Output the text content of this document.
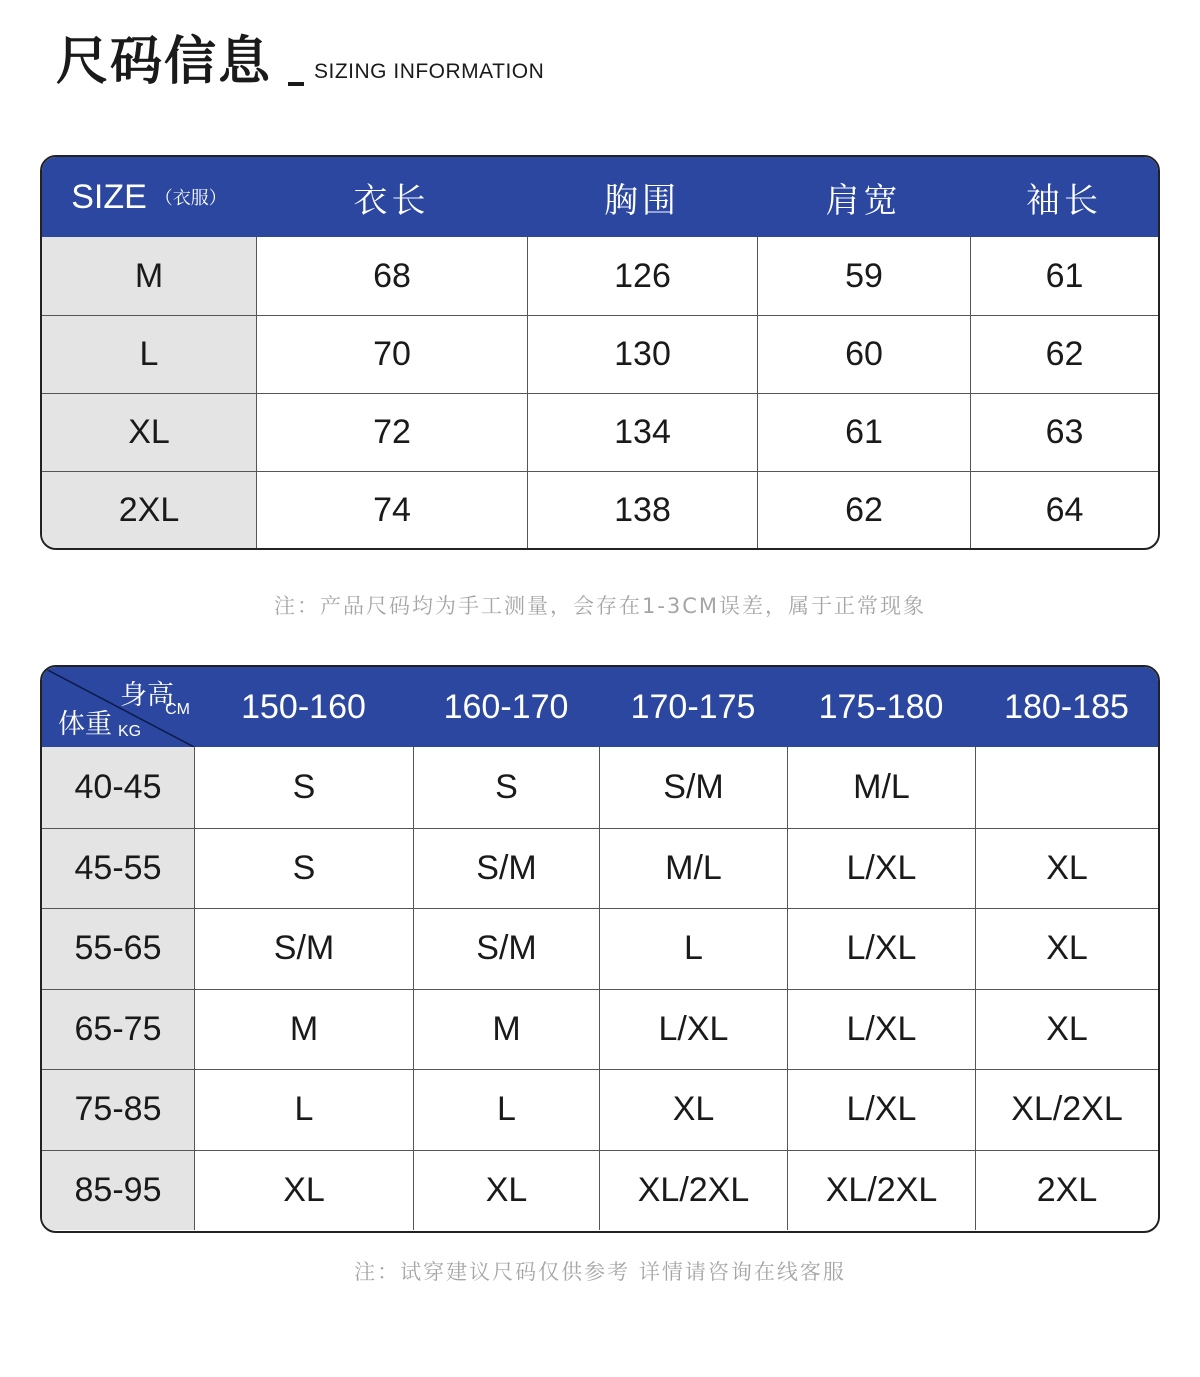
尺码信息 SIZING INFORMATION
SIZE （衣服）	衣长	胸围	肩宽	袖长
M	68	126	59	61
L	70	130	60	62
XL	72	134	61	63
2XL	74	138	62	64
注：产品尺码均为手工测量，会存在1-3CM误差，属于正常现象
身高
CM
体重 KG
150-160	160-170	170-175	175-180	180-185
40-45	S	S	S/M	M/L
45-55	S	S/M	M/L	L/XL	XL
55-65	S/M	S/M	L	L/XL	XL
65-75	M	M	L/XL	L/XL	XL
75-85	L	L	XL	L/XL	XL/2XL
85-95	XL	XL	XL/2XL	XL/2XL	2XL
注：试穿建议尺码仅供参考 详情请咨询在线客服
